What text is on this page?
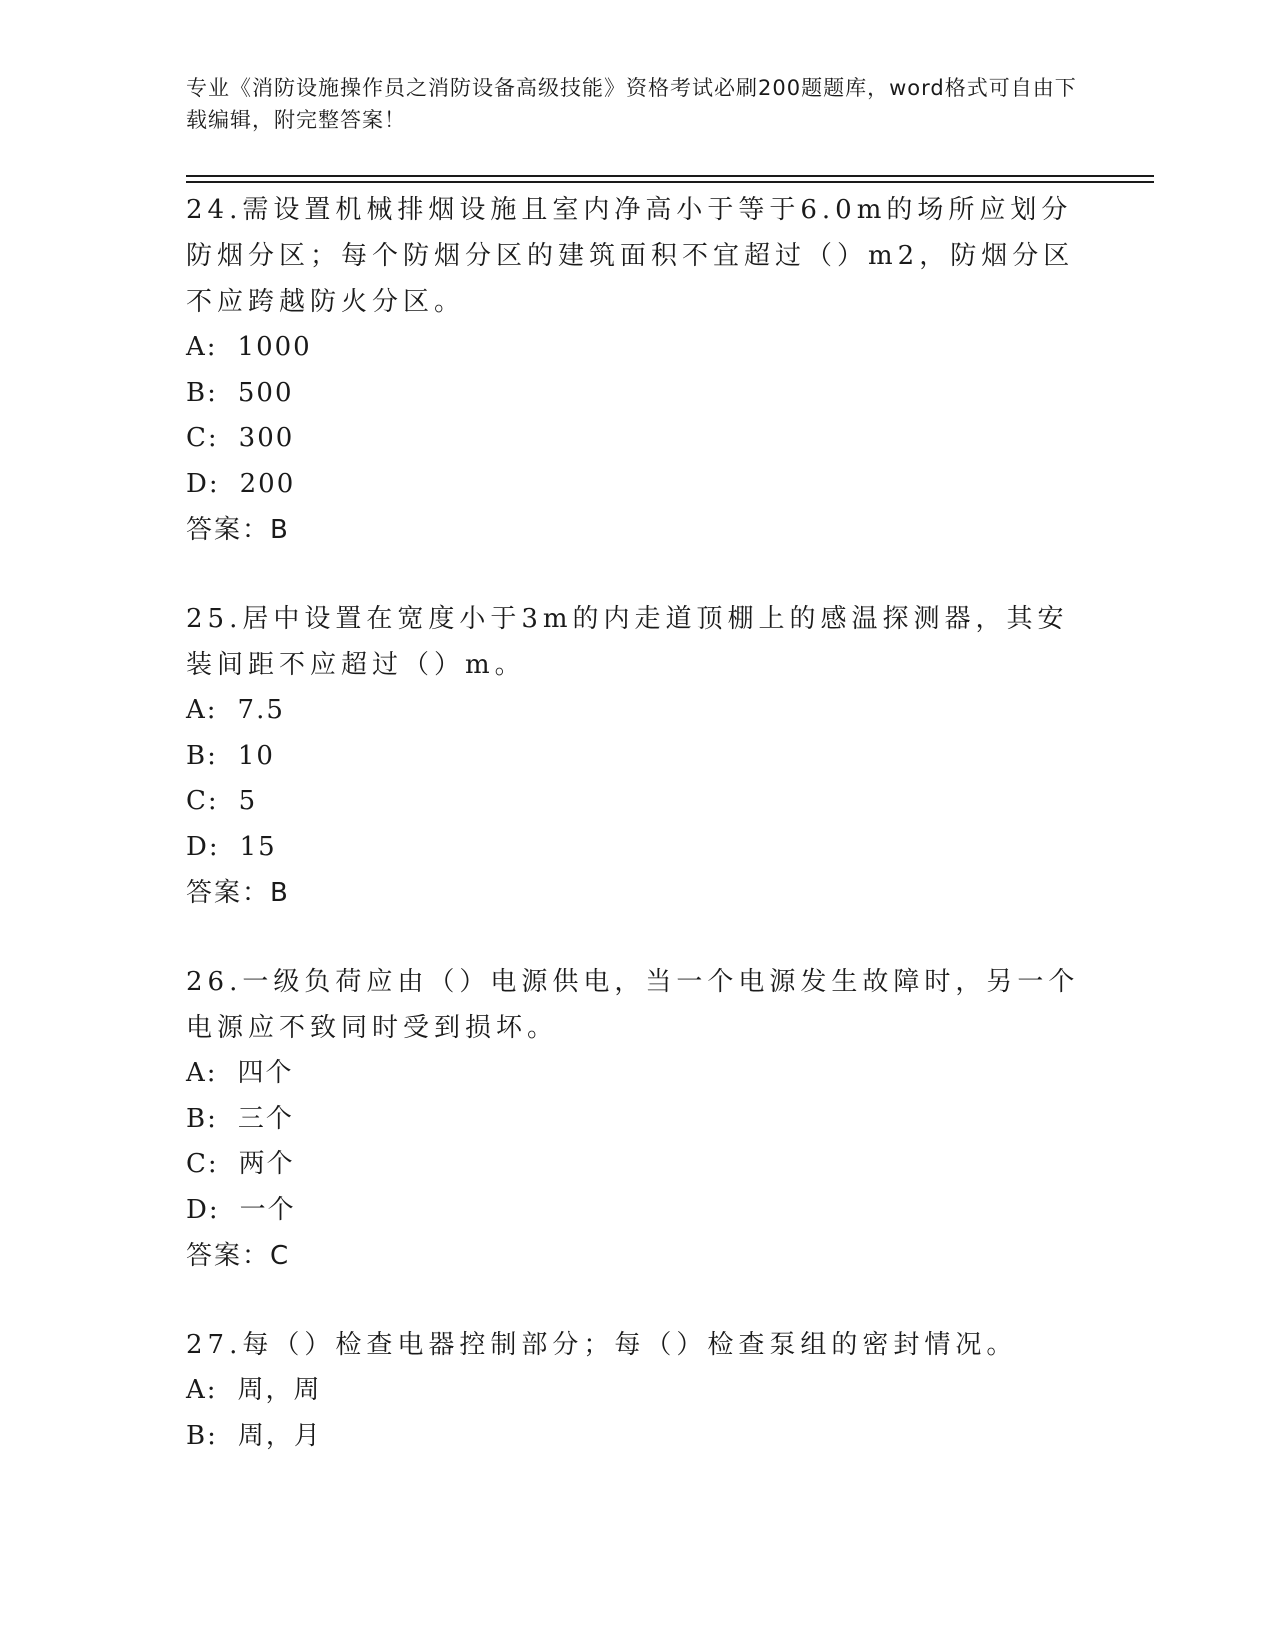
专业《消防设施操作员之消防设备高级技能》资格考试必刷200题题库，word格式可自由下载编辑，附完整答案！
24.需设置机械排烟设施且室内净高小于等于6.0m的场所应划分防烟分区；每个防烟分区的建筑面积不宜超过（）m2，防烟分区不应跨越防火分区。
A: 1000
B: 500
C: 300
D: 200
答案：B
25.居中设置在宽度小于3m的内走道顶棚上的感温探测器，其安装间距不应超过（）m。
A: 7.5
B: 10
C: 5
D: 15
答案：B
26.一级负荷应由（）电源供电，当一个电源发生故障时，另一个电源应不致同时受到损坏。
A: 四个
B: 三个
C: 两个
D: 一个
答案：C
27.每（）检查电器控制部分；每（）检查泵组的密封情况。
A: 周，周
B: 周，月
